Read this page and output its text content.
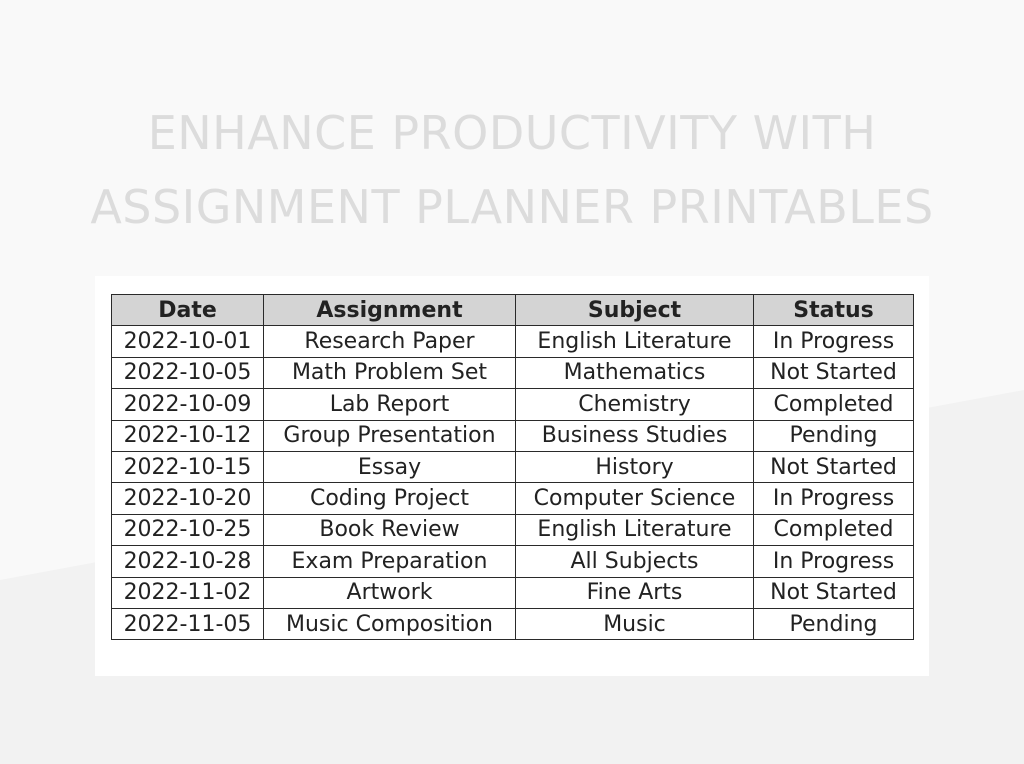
ENHANCE PRODUCTIVITY WITH
ASSIGNMENT PLANNER PRINTABLES
Date	Assignment	Subject	Status
2022-10-01	Research Paper	English Literature	In Progress
2022-10-05	Math Problem Set	Mathematics	Not Started
2022-10-09	Lab Report	Chemistry	Completed
2022-10-12	Group Presentation	Business Studies	Pending
2022-10-15	Essay	History	Not Started
2022-10-20	Coding Project	Computer Science	In Progress
2022-10-25	Book Review	English Literature	Completed
2022-10-28	Exam Preparation	All Subjects	In Progress
2022-11-02	Artwork	Fine Arts	Not Started
2022-11-05	Music Composition	Music	Pending
